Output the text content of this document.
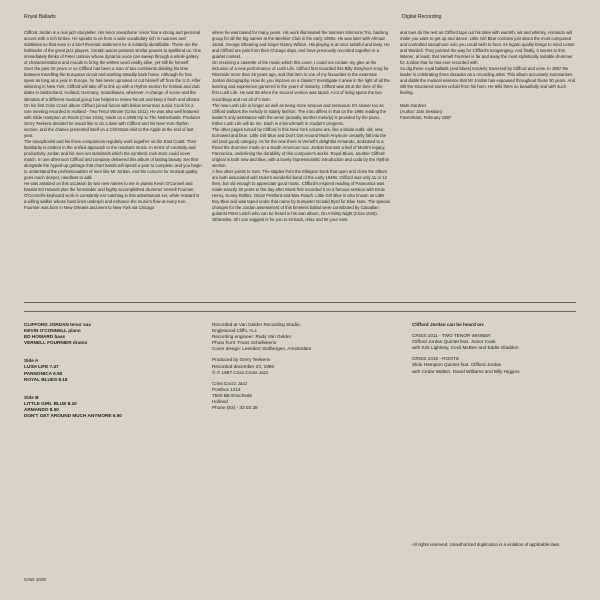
Royal Ballads	Digital Recording

Clifford Jordan is a real jazz storyteller. His tenor saxophone 'voice' has a strong and personal accent with a rich timbre. He speaks to us from a wide vocabulary rich in nuances and subtleties so that even in a brief thematic statement he is instantly identifiable. These are the hallmarks of the great jazz players. Certain actors possess similar powers to spellbind us. One immediately thinks of Peter Ustinov whose dynamic voice can sweep through a whole gallery of characterisations and moods to bring the written word vividly alive, yet still be himself.

Over the past 20 years or so Clifford has been a man of two continents dividing his time between travelling the European circuit and working steadily back home. Although he has spent as long as a year in Europe, he has never uprooted or cut himself off from the U.S. After wintering in New York, Clifford will take off to link up with a rhythm section for festival and club dates in Switzerland, Holland, Germany, Scandinavia, wherever. A change of scene and the stimulus of a different musical group has helped to renew his art and keep it fresh and vibrant.

On his first Criss Cross album Clifford joined forces with fellow tenorman Junior Cook for a rare meeting recorded in Holland - Two Tenor Winner (Criss 1011). He was also well featured with Slide Hampton on Roots (Criss 1015), made on a 1985 trip to The Netherlands. Producer Gerry Teekens decided he would like to do a date with Clifford and his New York rhythm section, and the chance presented itself on a Christmas visit to the Apple at the end of last year.

The saxophonist and his three companions regularly work together on the East Coast. Their familiarity is evident in the unified approach to the resultant music. In terms of creativity and productivity Jordan and his men set standards which the synthetic rock stars could never match. In one afternoon Clifford and company delivered this album of lasting beauty. Set that alongside the hyped-up garbage that chart bands will spend a year to complete, and you begin to understand the professionalism of men like Mr Jordan. And his concern for musical quality goes much deeper, needless to add.

He was assisted on this occasion by two new names to me in pianist Kevin O'Connell and bassist Ed Howard plus the formidable and highly accomplished drummer Vernell Fournier. O'Connell's keyboard work is constantly ear-catching in this adventurous set, while Howard is a willing walker whose bass lines underpin and enhance the music's flow at every turn.

Fournier was born in New Orleans and went to New York via Chicago

where he was based for many years. His work illuminated the Norman Simmons Trio, backing group for all the big names at the Beehive Club in the early 1950s. He was later with Ahmad Jamal, George Shearing and singer Nancy Wilson. His playing is at once tasteful and tasty. He and Clifford are pals from their Chicago days, and have previously recorded together in a quartet context.

On receiving a cassette of the music which this cover, I could not contain my glee at the inclusion of a new performance of Lush Life. Clifford first recorded this Billy Strayhorn song for Riverside more than 26 years ago, and that item is one of my favourites in the extensive Jordan discography. How do you improve on a classic? Investigate it anew in the light of all the learning and experience garnered in the years of maturity. Clifford was 28 at the time of the first Lush Life. He was 55 when the second version was taped. A lot of living spans the two recordings and not all of it lush.

The new Lush Life is longer as well as being more sinuous and sensuous. It's slower too as Clifford waltzes the melody in stately fashion. The intro differs in that on the 1986 reading the leader's only assistance with the verse (actually another melody) is provided by the piano. Either Lush Life will do me. Each is a benchmark in Jordan's progress.

The other pages turned by Clifford in this New York volume are, like a bridal outfit, old, new, borrowed and blue. Little Girl Blue and Don't Get Around Much Anymore certainly fall into the old (and good) category. As for the new there is Vernell's delightful Armando, dedicated to a friend the drummer made on a South American tour. Jordan borrows a leaf of Monk's legacy, Pannonica, underlining the durability of this composer's works. Royal Blues, another Clifford original is both new and blue, with a lovely impressionistic introduction and coda by the rhythm section.

A few other points to note. The staples from the Ellington book that open and close the album are both associated with Duke's wonderful band of the early 1940s. Clifford was only 11 or 12 then, but old enough to appreciate good music. Clifford's inspired reading of Pannonica was made exactly 30 years to the day after Monk first recorded it on a famous session with Ernie Henry, Sonny Rollins, Oscar Pettiford and Max Roach. Little Girl Blue is also known as Little Boy Blue and was taped under that name by trumpeter Donald Byrd for Blue Note. The special changes for the Jordan assessment of this timeless ballad were contributed by Canadian guitarist Peter Leitch who can be heard in his own album, On A Misty Night (Criss 1026).

Otherwise, all I can suggest is for you to sit back, relax and let your ears

and toes do the rest as Clifford taps out his tales with warmth, wit and whimsy. Armando will make you want to get up and dance. Little Girl Blue contains just about the most composed and controlled saxophone solo you could wish to hear. Its legato quality brings to mind Lester and Wardell. They pointed the way for Clifford's songsinging. And finally, it seems to this listener, at least, that Vernell Fournier is far and away the most stylistically suitable drummer for Jordan that he has ever recorded with.

So dig these royal ballads (and blues) tenderly traversed by Clifford and crew. In 1987 the leader is celebrating three decades as a recording artist. This album accurately summarises and distils the musical essence that Mr Jordan has espoused throughout those 30 years. And still the structured stories unfold from his horn. He tells them so beautifully and with such feeling.

Mark Gardner

(Author: Jam Session)

Faversham, February 1987

CLIFFORD JORDAN tenor sax
KEVIN O'CONNELL piano
ED HOWARD bass
VERNELL FOURNIER drums
Side A
LUSH LIFE 7.47
PANNONICA 6.50
ROYAL BLUES 8.18
Side B
LITTLE GIRL BLUE 8.10
ARMANDO 8.00
DON'T GET AROUND MUCH ANYMORE 6.50
Recorded at Van Gelder Recording Studio,
Englewood Cliffs, N.J.
Recording engineer: Rudy Van Gelder
Photo front: Frans Schellekens
Cover design: Leendert Stofbergen, Amsterdam
Produced by Gerry Teekens
Recorded december 23, 1986
© ℗ 1987 Criss Cross Jazz
Criss Crozz Jazz
Postbox 1214
7500 BE Enschede
Holland
Phone (53) - 33 03 38
Clifford Jordan can be heard on:
CRISS 1011 - TWO TENOR WINNER
Clifford Jordan Quintet feat. Junior Cook
with Kirk Lightsey, Cecil McBee and Eddie Gladden
CRISS 1015 - ROOTS
Slide Hampton Quintet feat. Clifford Jordan
with Cedar Walton, David Williams and Billy Higgins
All rights reserved. Unauthorized duplication is a violation of applicable laws.
Criss 1025
